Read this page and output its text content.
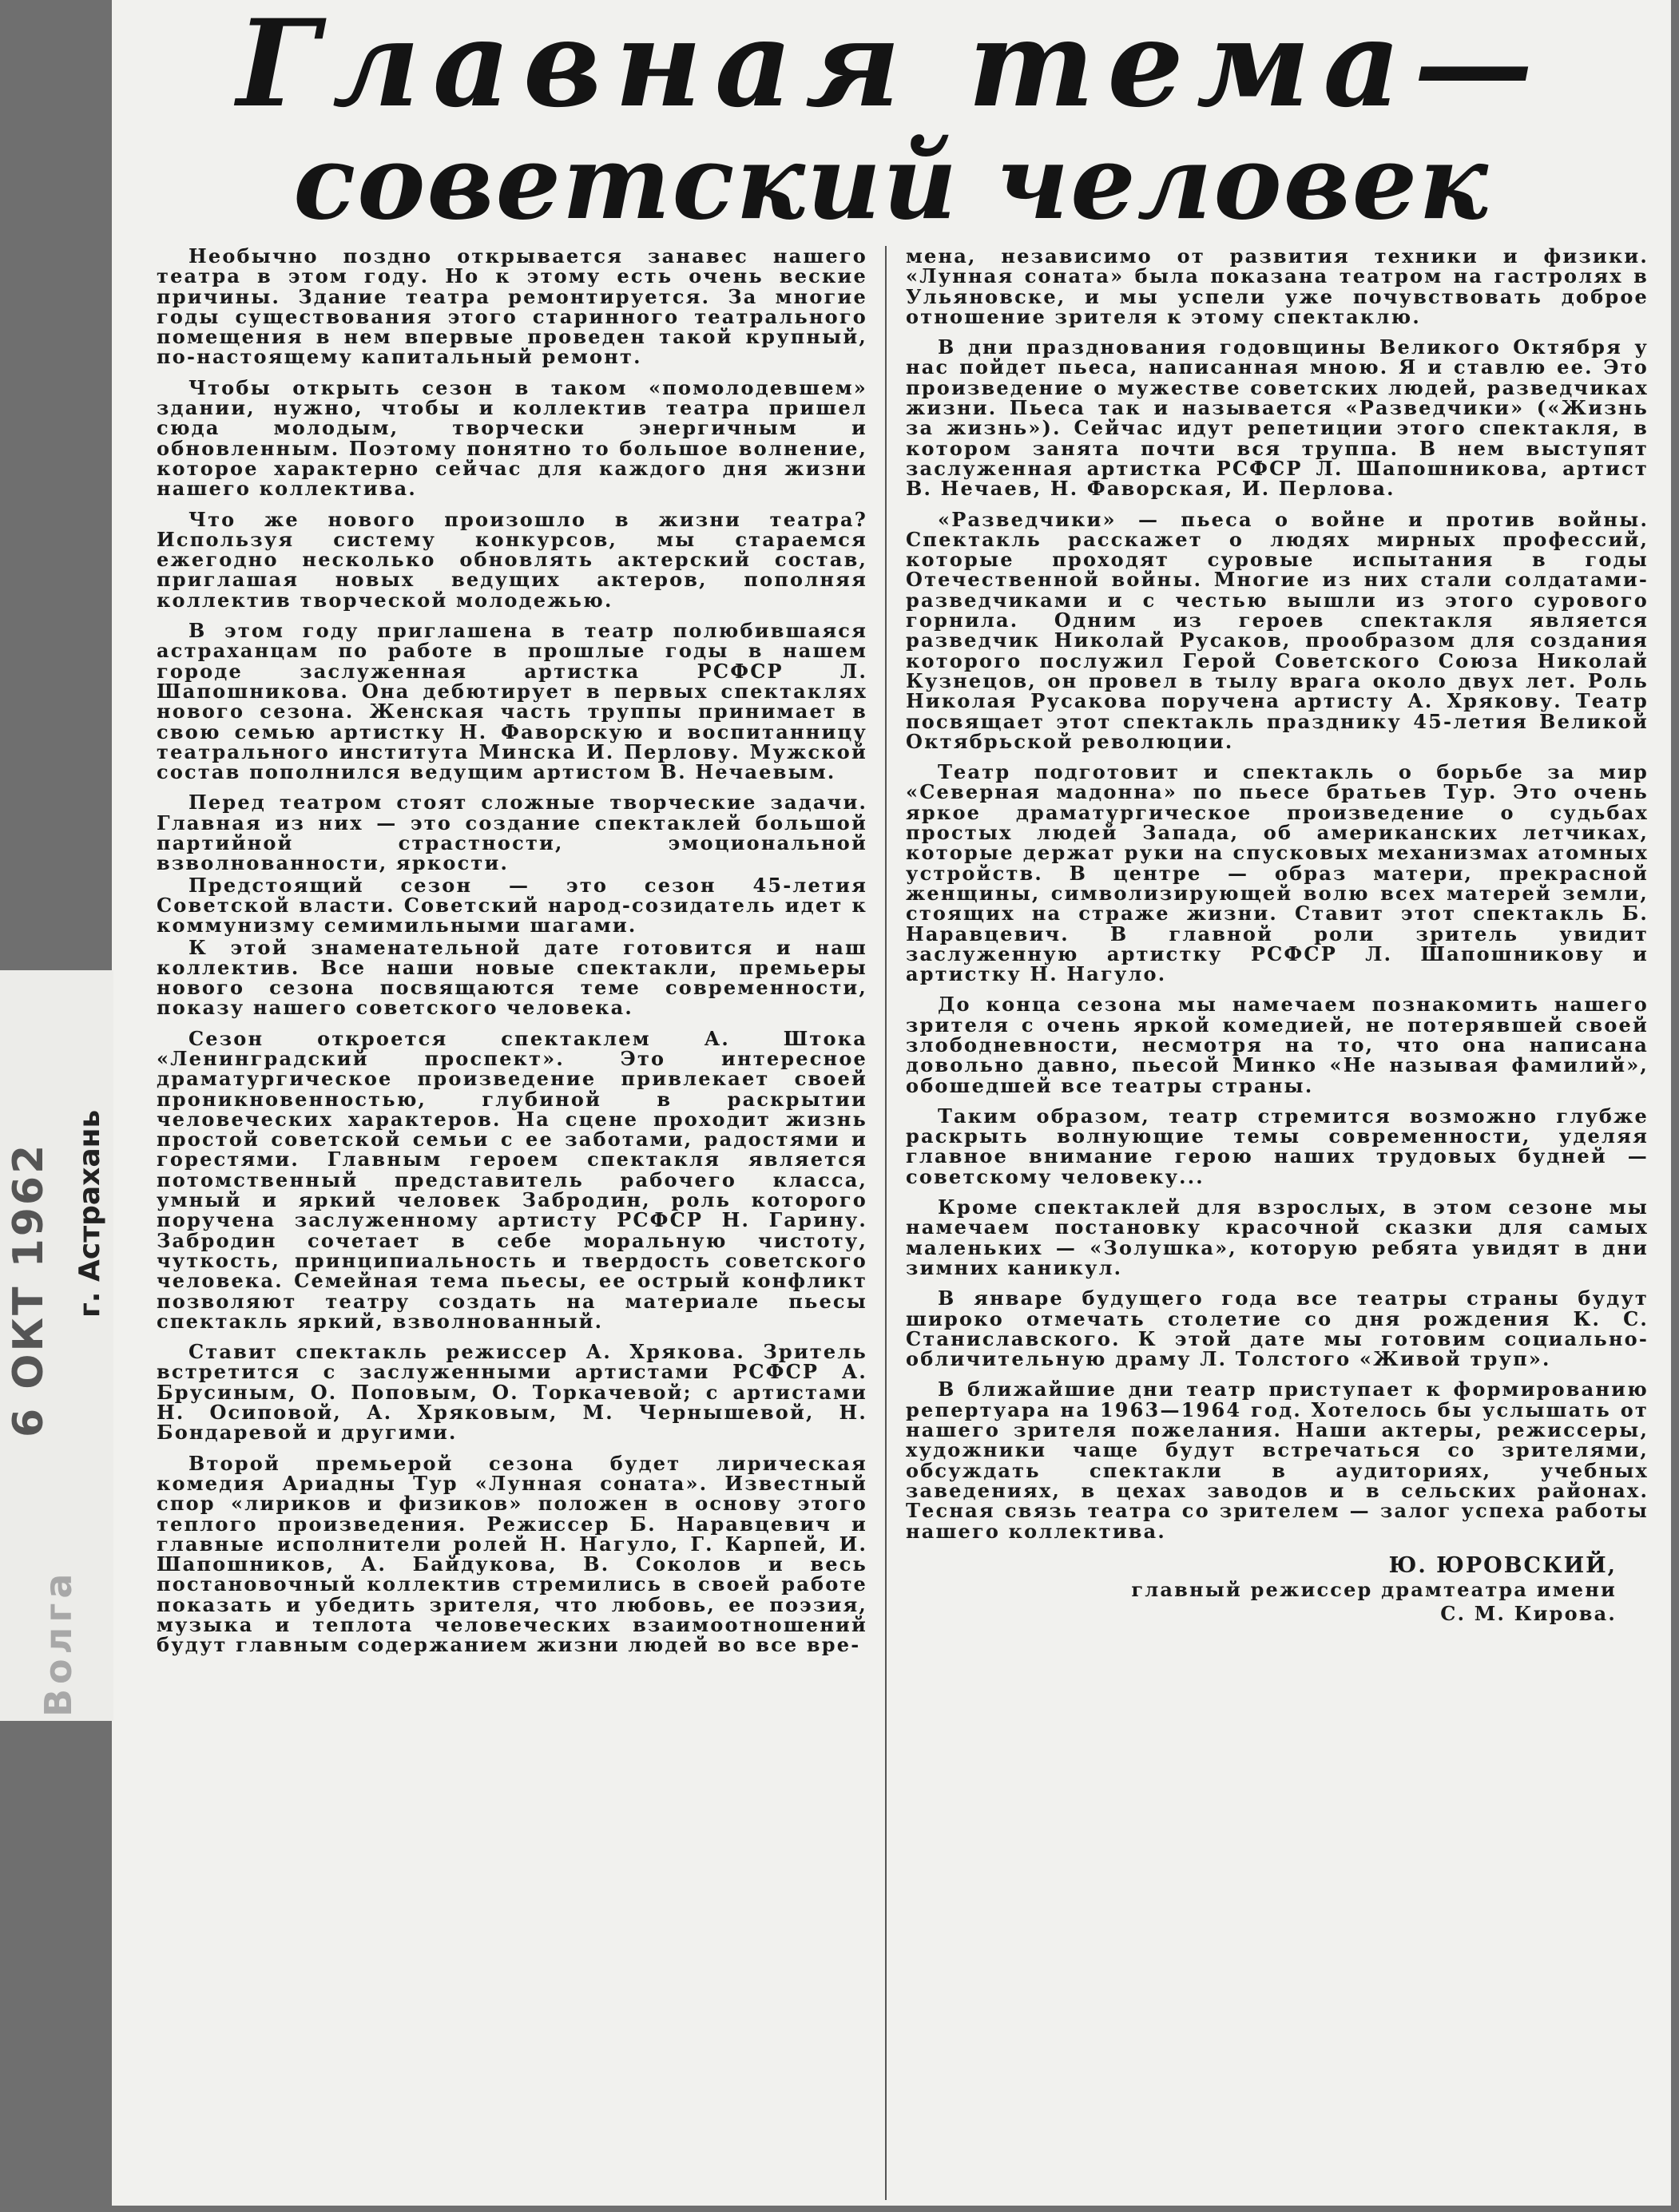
Волга
6 ОКТ 1962 г. Астрахань
Главная тема—
советский человек

Необычно поздно открывается занавес нашего театра в этом году. Но к этому есть очень веские причины. Здание театра ремонтируется. За многие годы существования этого старинного театрального помещения в нем впервые проведен такой крупный, по-настоящему капитальный ремонт.

Чтобы открыть сезон в таком «помолодевшем» здании, нужно, чтобы и коллектив театра пришел сюда молодым, творчески энергичным и обновленным. Поэтому понятно то большое волнение, которое характерно сейчас для каждого дня жизни нашего коллектива.

Что же нового произошло в жизни театра? Используя систему конкурсов, мы стараемся ежегодно несколько обновлять актерский состав, приглашая новых ведущих актеров, пополняя коллектив творческой молодежью.

В этом году приглашена в театр полюбившаяся астраханцам по работе в прошлые годы в нашем городе заслуженная артистка РСФСР Л. Шапошникова. Она дебютирует в первых спектаклях нового сезона. Женская часть труппы принимает в свою семью артистку Н. Фаворскую и воспитанницу театрального института Минска И. Перлову. Мужской состав пополнился ведущим артистом В. Нечаевым.

Перед театром стоят сложные творческие задачи. Главная из них — это создание спектаклей большой партийной страстности, эмоциональной взволнованности, яркости.

Предстоящий сезон — это сезон 45-летия Советской власти. Советский народ-созидатель идет к коммунизму семимильными шагами.

К этой знаменательной дате готовится и наш коллектив. Все наши новые спектакли, премьеры нового сезона посвящаются теме современности, показу нашего советского человека.

Сезон откроется спектаклем А. Штока «Ленинградский проспект». Это интересное драматургическое произведение привлекает своей проникновенностью, глубиной в раскрытии человеческих характеров. На сцене проходит жизнь простой советской семьи с ее заботами, радостями и горестями. Главным героем спектакля является потомственный представитель рабочего класса, умный и яркий человек Забродин, роль которого поручена заслуженному артисту РСФСР Н. Гарину. Забродин сочетает в себе моральную чистоту, чуткость, принципиальность и твердость советского человека. Семейная тема пьесы, ее острый конфликт позволяют театру создать на материале пьесы спектакль яркий, взволнованный.

Ставит спектакль режиссер А. Хрякова. Зритель встретится с заслуженными артистами РСФСР А. Брусиным, О. Поповым, О. Торкачевой; с артистами Н. Осиповой, А. Хряковым, М. Чернышевой, Н. Бондаревой и другими.

Второй премьерой сезона будет лирическая комедия Ариадны Тур «Лунная соната». Известный спор «лириков и физиков» положен в основу этого теплого произведения. Режиссер Б. Наравцевич и главные исполнители ролей Н. Нагуло, Г. Карпей, И. Шапошников, А. Байдукова, В. Соколов и весь постановочный коллектив стремились в своей работе показать и убедить зрителя, что любовь, ее поэзия, музыка и теплота человеческих взаимоотношений будут главным содержанием жизни людей во все вре-

мена, независимо от развития техники и физики. «Лунная соната» была показана театром на гастролях в Ульяновске, и мы успели уже почувствовать доброе отношение зрителя к этому спектаклю.

В дни празднования годовщины Великого Октября у нас пойдет пьеса, написанная мною. Я и ставлю ее. Это произведение о мужестве советских людей, разведчиках жизни. Пьеса так и называется «Разведчики» («Жизнь за жизнь»). Сейчас идут репетиции этого спектакля, в котором занята почти вся труппа. В нем выступят заслуженная артистка РСФСР Л. Шапошникова, артист В. Нечаев, Н. Фаворская, И. Перлова.

«Разведчики» — пьеса о войне и против войны. Спектакль расскажет о людях мирных профессий, которые проходят суровые испытания в годы Отечественной войны. Многие из них стали солдатами-разведчиками и с честью вышли из этого сурового горнила. Одним из героев спектакля является разведчик Николай Русаков, прообразом для создания которого послужил Герой Советского Союза Николай Кузнецов, он провел в тылу врага около двух лет. Роль Николая Русакова поручена артисту А. Хрякову. Театр посвящает этот спектакль празднику 45-летия Великой Октябрьской революции.

Театр подготовит и спектакль о борьбе за мир «Северная мадонна» по пьесе братьев Тур. Это очень яркое драматургическое произведение о судьбах простых людей Запада, об американских летчиках, которые держат руки на спусковых механизмах атомных устройств. В центре — образ матери, прекрасной женщины, символизирующей волю всех матерей земли, стоящих на страже жизни. Ставит этот спектакль Б. Наравцевич. В главной роли зритель увидит заслуженную артистку РСФСР Л. Шапошникову и артистку Н. Нагуло.

До конца сезона мы намечаем познакомить нашего зрителя с очень яркой комедией, не потерявшей своей злободневности, несмотря на то, что она написана довольно давно, пьесой Минко «Не называя фамилий», обошедшей все театры страны.

Таким образом, театр стремится возможно глубже раскрыть волнующие темы современности, уделяя главное внимание герою наших трудовых будней — советскому человеку...

Кроме спектаклей для взрослых, в этом сезоне мы намечаем постановку красочной сказки для самых маленьких — «Золушка», которую ребята увидят в дни зимних каникул.

В январе будущего года все театры страны будут широко отмечать столетие со дня рождения К. С. Станиславского. К этой дате мы готовим социально-обличительную драму Л. Толстого «Живой труп».

В ближайшие дни театр приступает к формированию репертуара на 1963—1964 год. Хотелось бы услышать от нашего зрителя пожелания. Наши актеры, режиссеры, художники чаще будут встречаться со зрителями, обсуждать спектакли в аудиториях, учебных заведениях, в цехах заводов и в сельских районах. Тесная связь театра со зрителем — залог успеха работы нашего коллектива.

Ю. ЮРОВСКИЙ,
главный режиссер драмтеатра имени
С. М. Кирова.
